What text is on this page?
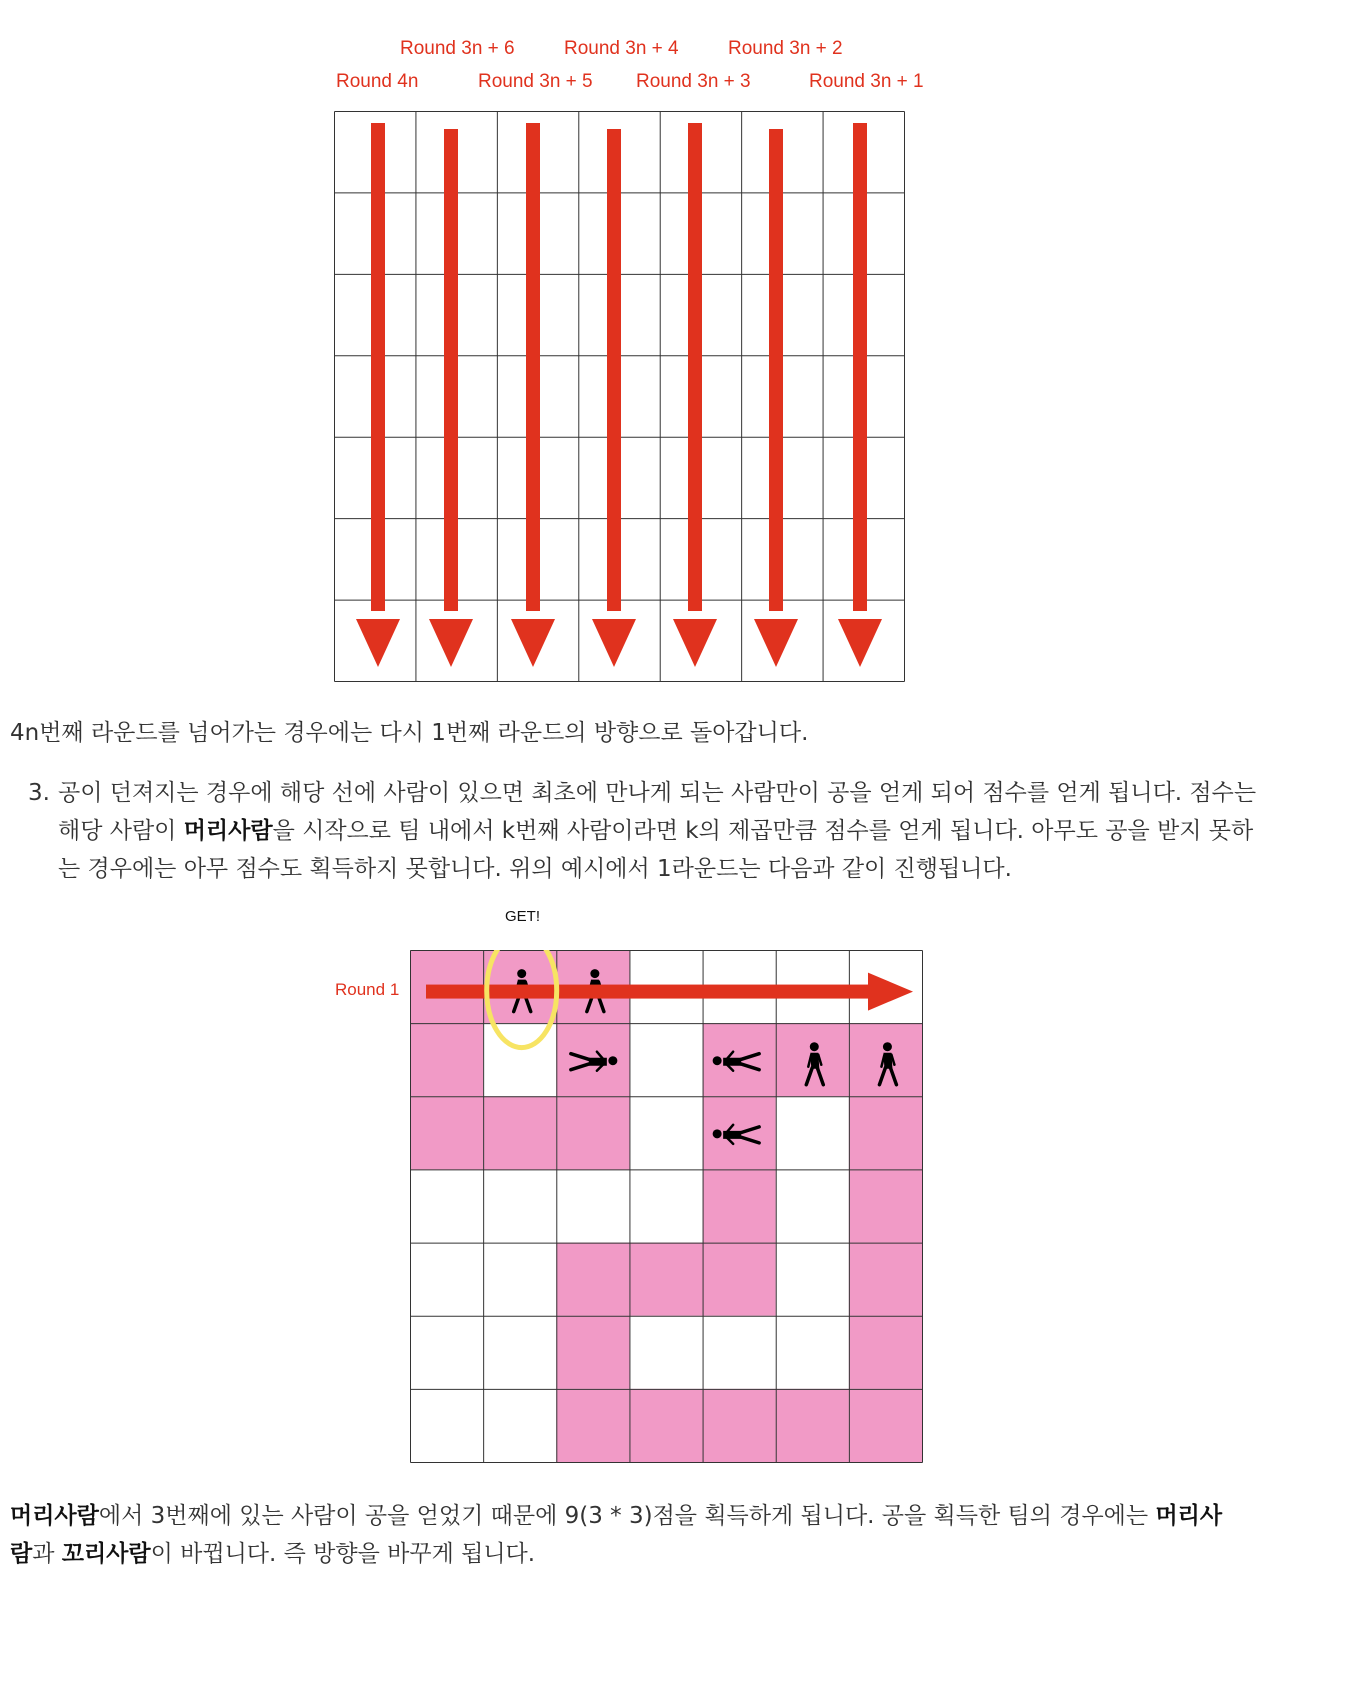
Round 3n + 6	Round 3n + 4	Round 3n + 2
Round 4n	Round 3n + 5 Round 3n + 3	Round 3n + 1
4n번째 라운드를 넘어가는 경우에는 다시 1번째 라운드의 방향으로 돌아갑니다.
3. 공이 던져지는 경우에 해당 선에 사람이 있으면 최초에 만나게 되는 사람만이 공을 얻게 되어 점수를 얻게 됩니다. 점수는 해당 사람이 머리사람을 시작으로 팀 내에서 k번째 사람이라면 k의 제곱만큼 점수를 얻게 됩니다. 아무도 공을 받지 못하는 경우에는 아무 점수도 획득하지 못합니다. 위의 예시에서 1라운드는 다음과 같이 진행됩니다.
GET!
Round 1
머리사람에서 3번째에 있는 사람이 공을 얻었기 때문에 9(3 * 3)점을 획득하게 됩니다. 공을 획득한 팀의 경우에는 머리사람과 꼬리사람이 바뀝니다. 즉 방향을 바꾸게 됩니다.
